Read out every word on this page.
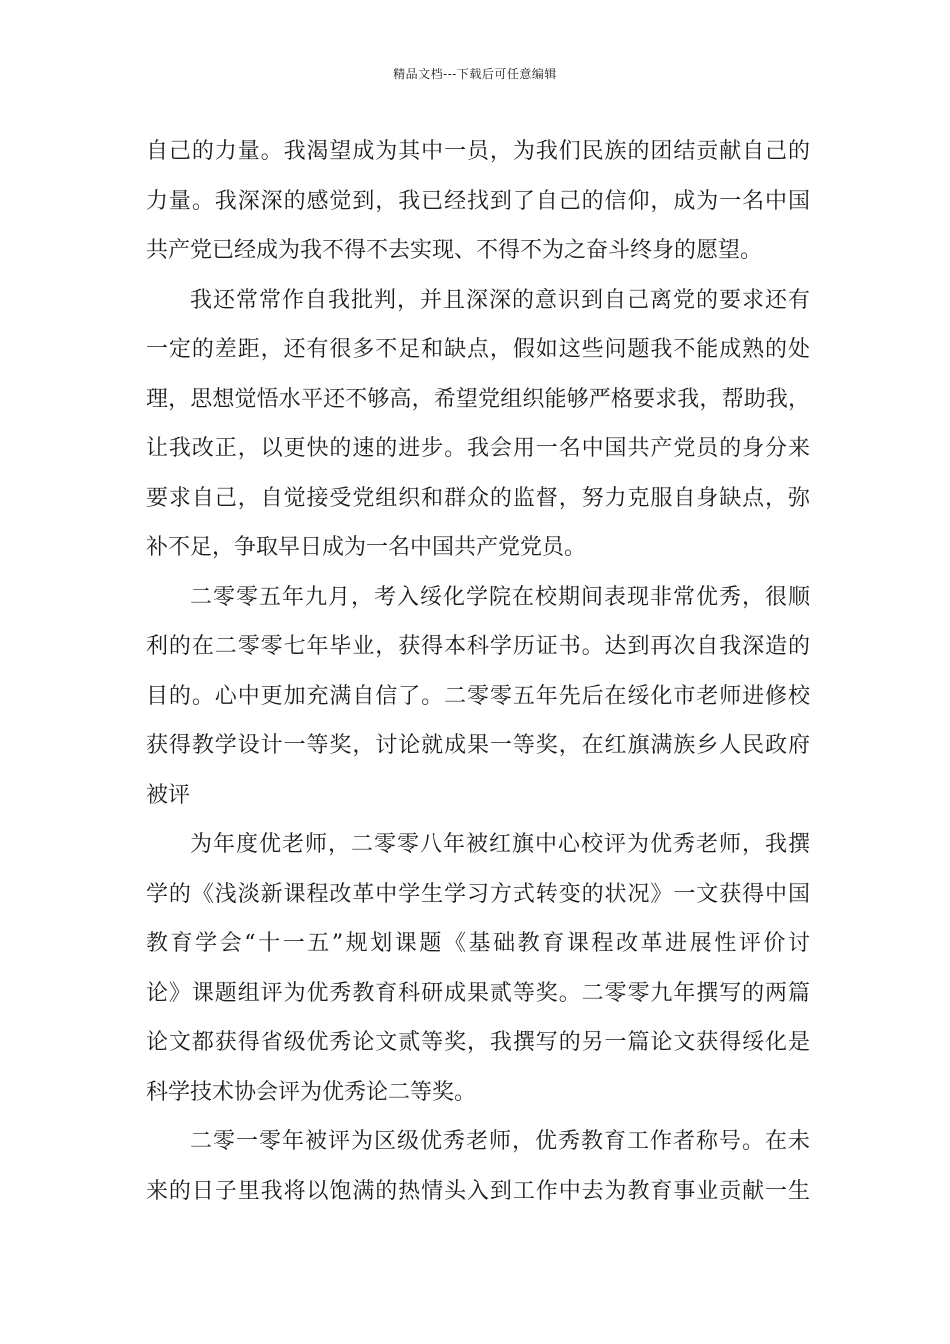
精品文档---下载后可任意编辑
自己的力量。我渴望成为其中一员，为我们民族的团结贡献自己的
力量。我深深的感觉到，我已经找到了自己的信仰，成为一名中国
共产党已经成为我不得不去实现、不得不为之奋斗终身的愿望。
我还常常作自我批判，并且深深的意识到自己离党的要求还有
一定的差距，还有很多不足和缺点，假如这些问题我不能成熟的处
理，思想觉悟水平还不够高，希望党组织能够严格要求我，帮助我，
让我改正，以更快的速的进步。我会用一名中国共产党员的身分来
要求自己，自觉接受党组织和群众的监督，努力克服自身缺点，弥
补不足，争取早日成为一名中国共产党党员。
二零零五年九月，考入绥化学院在校期间表现非常优秀，很顺
利的在二零零七年毕业，获得本科学历证书。达到再次自我深造的
目的。心中更加充满自信了。二零零五年先后在绥化市老师进修校
获得教学设计一等奖，讨论就成果一等奖，在红旗满族乡人民政府
被评
为年度优老师，二零零八年被红旗中心校评为优秀老师，我撰
学的《浅淡新课程改革中学生学习方式转变的状况》一文获得中国
教育学会“十一五”规划课题《基础教育课程改革进展性评价讨
论》课题组评为优秀教育科研成果贰等奖。二零零九年撰写的两篇
论文都获得省级优秀论文贰等奖，我撰写的另一篇论文获得绥化是
科学技术协会评为优秀论二等奖。
二零一零年被评为区级优秀老师，优秀教育工作者称号。在未
来的日子里我将以饱满的热情头入到工作中去为教育事业贡献一生
